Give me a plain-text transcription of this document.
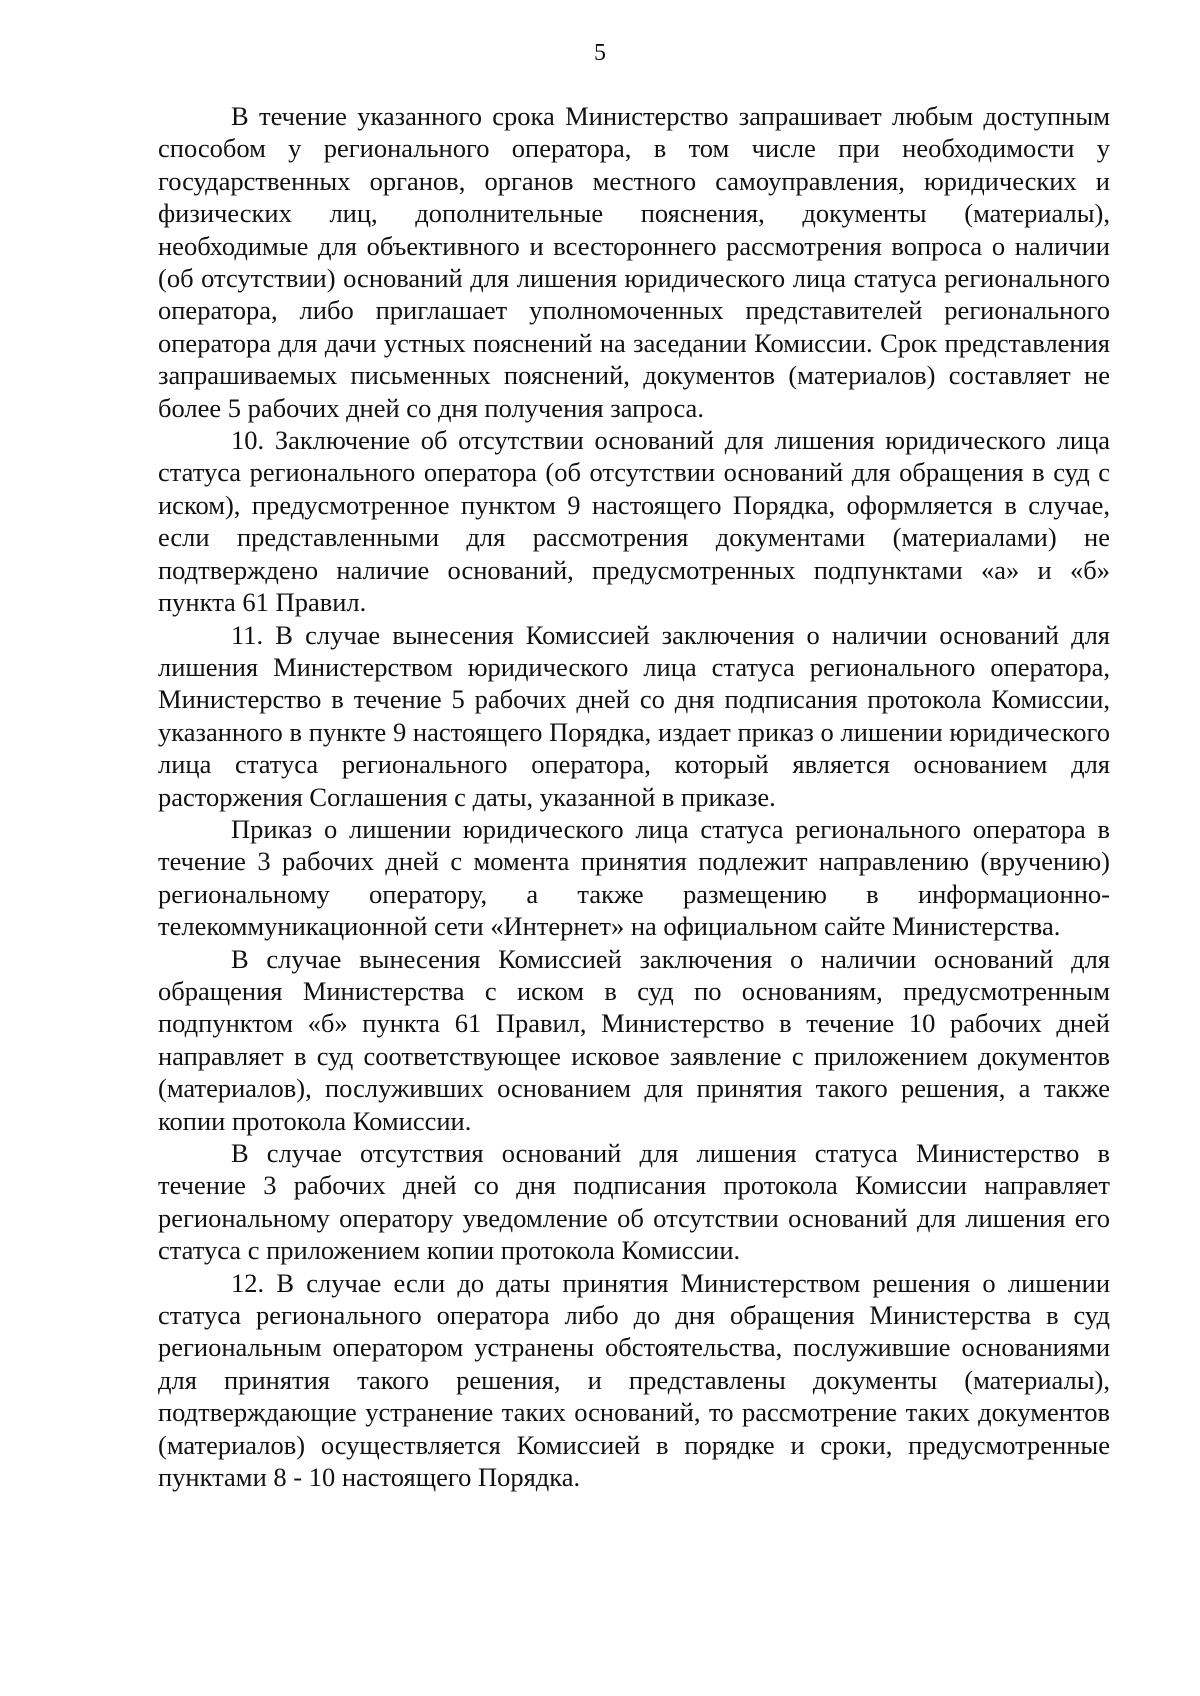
5

В течение указанного срока Министерство запрашивает любым доступным способом у регионального оператора, в том числе при необходимости у государственных органов, органов местного самоуправления, юридических и физических лиц, дополнительные пояснения, документы (материалы), необходимые для объективного и всестороннего рассмотрения вопроса о наличии (об отсутствии) оснований для лишения юридического лица статуса регионального оператора, либо приглашает уполномоченных представителей регионального оператора для дачи устных пояснений на заседании Комиссии. Срок представления запрашиваемых письменных пояснений, документов (материалов) составляет не более 5 рабочих дней со дня получения запроса.

10. Заключение об отсутствии оснований для лишения юридического лица статуса регионального оператора (об отсутствии оснований для обращения в суд с иском), предусмотренное пунктом 9 настоящего Порядка, оформляется в случае, если представленными для рассмотрения документами (материалами) не подтверждено наличие оснований, предусмотренных подпунктами «а» и «б» пункта 61 Правил.

11. В случае вынесения Комиссией заключения о наличии оснований для лишения Министерством юридического лица статуса регионального оператора, Министерство в течение 5 рабочих дней со дня подписания протокола Комиссии, указанного в пункте 9 настоящего Порядка, издает приказ о лишении юридического лица статуса регионального оператора, который является основанием для расторжения Соглашения с даты, указанной в приказе.

Приказ о лишении юридического лица статуса регионального оператора в течение 3 рабочих дней с момента принятия подлежит направлению (вручению) региональному оператору, а также размещению в информационно-телекоммуникационной сети «Интернет» на официальном сайте Министерства.

В случае вынесения Комиссией заключения о наличии оснований для обращения Министерства с иском в суд по основаниям, предусмотренным подпунктом «б» пункта 61 Правил, Министерство в течение 10 рабочих дней направляет в суд соответствующее исковое заявление с приложением документов (материалов), послуживших основанием для принятия такого решения, а также копии протокола Комиссии.

В случае отсутствия оснований для лишения статуса Министерство в течение 3 рабочих дней со дня подписания протокола Комиссии направляет региональному оператору уведомление об отсутствии оснований для лишения его статуса с приложением копии протокола Комиссии.

12. В случае если до даты принятия Министерством решения о лишении статуса регионального оператора либо до дня обращения Министерства в суд региональным оператором устранены обстоятельства, послужившие основаниями для принятия такого решения, и представлены документы (материалы), подтверждающие устранение таких оснований, то рассмотрение таких документов (материалов) осуществляется Комиссией в порядке и сроки, предусмотренные пунктами 8 - 10 настоящего Порядка.
